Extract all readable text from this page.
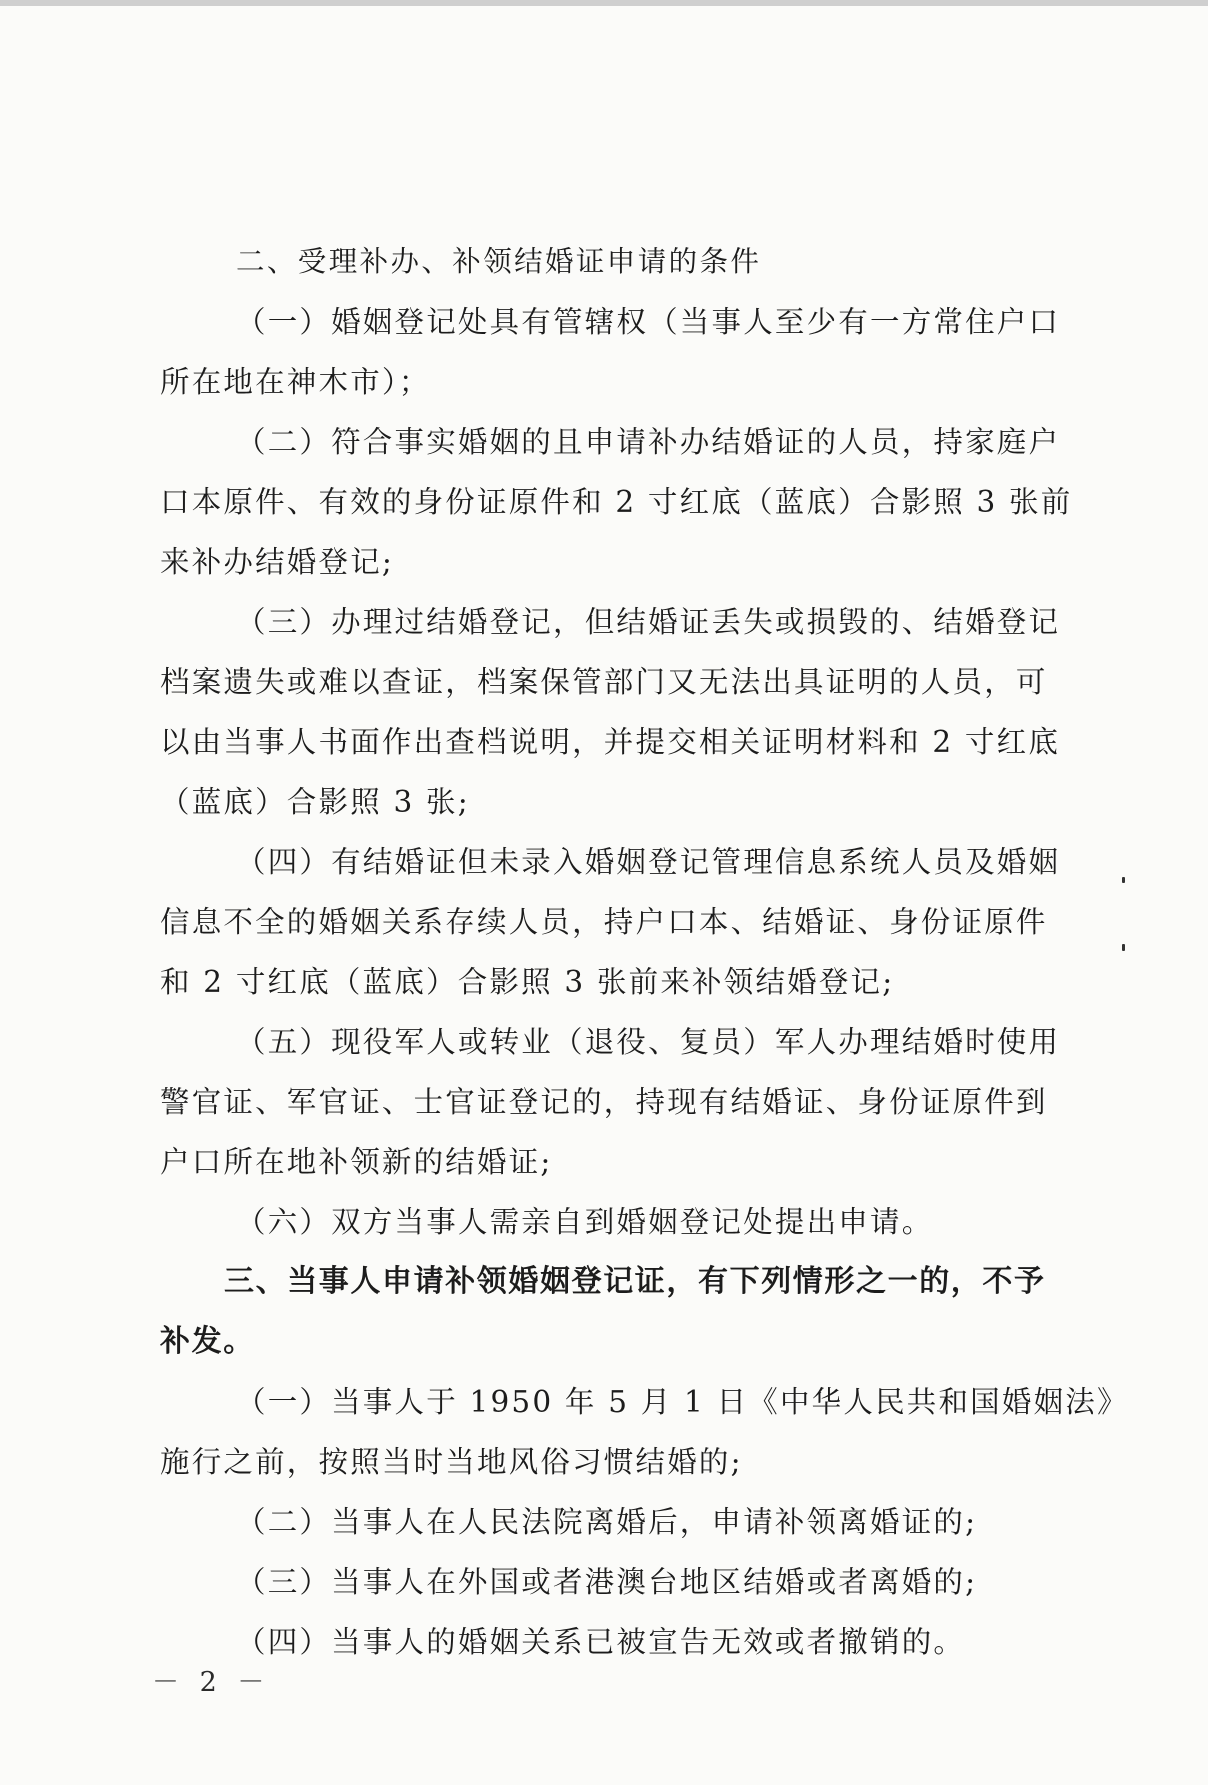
二、受理补办、补领结婚证申请的条件

（一）婚姻登记处具有管辖权（当事人至少有一方常住户口

所在地在神木市）；

（二）符合事实婚姻的且申请补办结婚证的人员，持家庭户

口本原件、有效的身份证原件和 2 寸红底（蓝底）合影照 3 张前

来补办结婚登记;

（三）办理过结婚登记，但结婚证丢失或损毁的、结婚登记

档案遗失或难以查证，档案保管部门又无法出具证明的人员，可

以由当事人书面作出查档说明，并提交相关证明材料和 2 寸红底

（蓝底）合影照 3 张;

（四）有结婚证但未录入婚姻登记管理信息系统人员及婚姻

信息不全的婚姻关系存续人员，持户口本、结婚证、身份证原件

和 2 寸红底（蓝底）合影照 3 张前来补领结婚登记;

（五）现役军人或转业（退役、复员）军人办理结婚时使用

警官证、军官证、士官证登记的，持现有结婚证、身份证原件到

户口所在地补领新的结婚证;

（六）双方当事人需亲自到婚姻登记处提出申请。

三、当事人申请补领婚姻登记证，有下列情形之一的，不予

补发。

（一）当事人于 1950 年 5 月 1 日《中华人民共和国婚姻法》

施行之前，按照当时当地风俗习惯结婚的;

（二）当事人在人民法院离婚后，申请补领离婚证的;

（三）当事人在外国或者港澳台地区结婚或者离婚的;

（四）当事人的婚姻关系已被宣告无效或者撤销的。

－ 2 －
